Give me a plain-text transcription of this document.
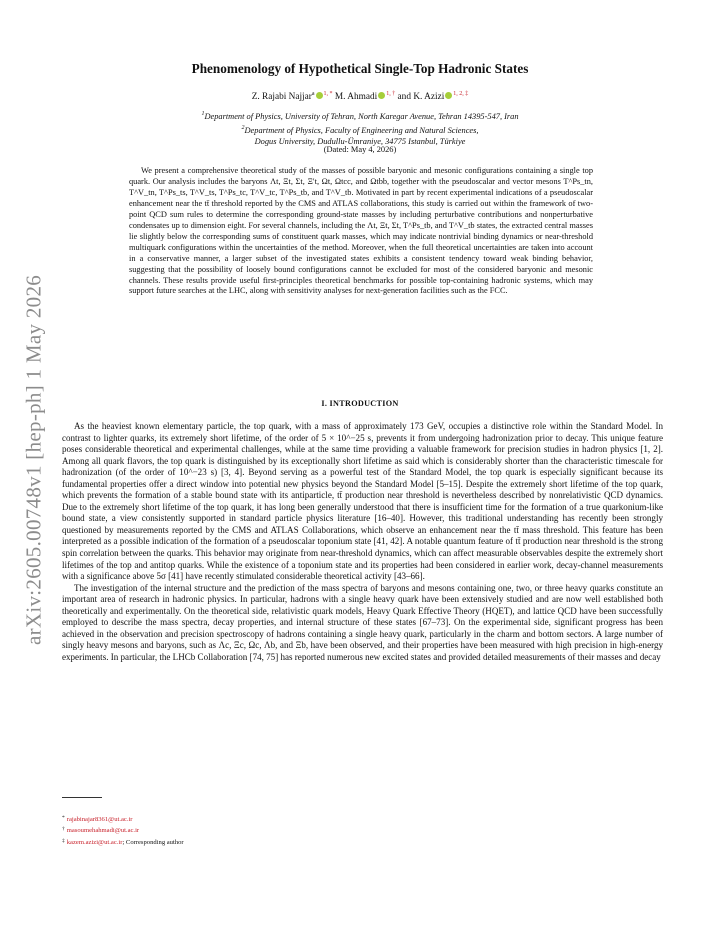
arXiv:2605.00748v1 [hep-ph] 1 May 2026
Phenomenology of Hypothetical Single-Top Hadronic States
Z. Rajabi Najjar$^a$ $^{1, *}$ M. Ahmadi $^{1, \dagger}$ and K. Azizi $^{1, 2, \ddagger}$
$^1$Department of Physics, University of Tehran, North Karegar Avenue, Tehran 14395-547, Iran
$^2$Department of Physics, Faculty of Engineering and Natural Sciences,
Dogus University, Dudullu-Ümraniye, 34775 Istanbul, Türkiye
(Dated: May 4, 2026)
We present a comprehensive theoretical study of the masses of possible baryonic and mesonic configurations containing a single top quark. Our analysis includes the baryons Λt, Ξt, Σt, Ξ′t, Ωt, Ωtcc, and Ωtbb, together with the pseudoscalar and vector mesons T^Ps_tn, T^V_tn, T^Ps_ts, T^V_ts, T^Ps_tc, T^V_tc, T^Ps_tb, and T^V_tb. Motivated in part by recent experimental indications of a pseudoscalar enhancement near the tt̄ threshold reported by the CMS and ATLAS collaborations, this study is carried out within the framework of two-point QCD sum rules to determine the corresponding ground-state masses by including perturbative contributions and nonperturbative condensates up to dimension eight. For several channels, including the Λt, Ξt, Σt, T^Ps_tb, and T^V_tb states, the extracted central masses lie slightly below the corresponding sums of constituent quark masses, which may indicate nontrivial binding dynamics or near-threshold multiquark configurations within the uncertainties of the method. Moreover, when the full theoretical uncertainties are taken into account in a conservative manner, a larger subset of the investigated states exhibits a consistent tendency toward weak binding behavior, suggesting that the possibility of loosely bound configurations cannot be excluded for most of the considered baryonic and mesonic channels. These results provide useful first-principles theoretical benchmarks for possible top-containing hadronic systems, which may support future searches at the LHC, along with sensitivity analyses for next-generation facilities such as the FCC.
I. INTRODUCTION

As the heaviest known elementary particle, the top quark, with a mass of approximately 173 GeV, occupies a distinctive role within the Standard Model. In contrast to lighter quarks, its extremely short lifetime, of the order of 5 × 10^−25 s, prevents it from undergoing hadronization prior to decay. This unique feature poses considerable theoretical and experimental challenges, while at the same time providing a valuable framework for precision studies in hadron physics [1, 2]. Among all quark flavors, the top quark is distinguished by its exceptionally short lifetime as said which is considerably shorter than the characteristic timescale for hadronization (of the order of 10^−23 s) [3, 4]. Beyond serving as a powerful test of the Standard Model, the top quark is especially significant because its fundamental properties offer a direct window into potential new physics beyond the Standard Model [5–15]. Despite the extremely short lifetime of the top quark, which prevents the formation of a stable bound state with its antiparticle, tt̄ production near threshold is nevertheless described by nonrelativistic QCD dynamics. Due to the extremely short lifetime of the top quark, it has long been generally understood that there is insufficient time for the formation of a true quarkonium-like bound state, a view consistently supported in standard particle physics literature [16–40]. However, this traditional understanding has recently been strongly questioned by measurements reported by the CMS and ATLAS Collaborations, which observe an enhancement near the tt̄ mass threshold. This feature has been interpreted as a possible indication of the formation of a pseudoscalar toponium state [41, 42]. A notable quantum feature of tt̄ production near threshold is the strong spin correlation between the quarks. This behavior may originate from near-threshold dynamics, which can affect measurable observables despite the extremely short lifetimes of the top and antitop quarks. While the existence of a toponium state and its properties had been considered in earlier work, decay-channel measurements with a significance above 5σ [41] have recently stimulated considerable theoretical activity [43–66].

The investigation of the internal structure and the prediction of the mass spectra of baryons and mesons containing one, two, or three heavy quarks constitute an important area of research in hadronic physics. In particular, hadrons with a single heavy quark have been extensively studied and are now well established both theoretically and experimentally. On the theoretical side, relativistic quark models, Heavy Quark Effective Theory (HQET), and lattice QCD have been successfully employed to describe the mass spectra, decay properties, and internal structure of these states [67–73]. On the experimental side, significant progress has been achieved in the observation and precision spectroscopy of hadrons containing a single heavy quark, particularly in the charm and bottom sectors. A large number of singly heavy mesons and baryons, such as Λc, Ξc, Ωc, Λb, and Ξb, have been observed, and their properties have been measured with high precision in high-energy experiments. In particular, the LHCb Collaboration [74, 75] has reported numerous new excited states and provided detailed measurements of their masses and decay

* rajabinajar8361@ut.ac.ir
† masoumehahmadi@ut.ac.ir
‡ kazem.azizi@ut.ac.ir; Corresponding author
